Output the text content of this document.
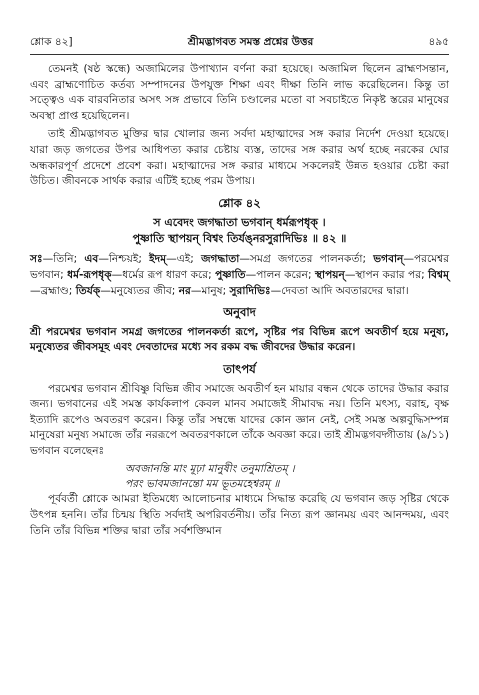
শ্লোক ৪২]	শ্রীমদ্ভাগবত সমস্ত প্রশ্নের উত্তর	৪৯৫

তেমনই (ষষ্ঠ স্কন্ধে) অজামিলের উপাখ্যান বর্ণনা করা হয়েছে। অজামিল ছিলেন ব্রাহ্মণসন্তান, এবং ব্রাহ্মণোচিত কর্তব্য সম্পাদনের উপযুক্ত শিক্ষা এবং দীক্ষা তিনি লাভ করেছিলেন। কিন্তু তা সত্ত্বেও এক বারবনিতার অসৎ সঙ্গ প্রভাবে তিনি চণ্ডালের মতো বা সবচাইতে নিকৃষ্ট স্তরের মানুষের অবস্থা প্রাপ্ত হয়েছিলেন।

তাই শ্রীমদ্ভাগবত মুক্তির দ্বার খোলার জন্য সর্বদা মহাত্মাদের সঙ্গ করার নির্দেশ দেওয়া হয়েছে। যারা জড় জগতের উপর আধিপত্য করার চেষ্টায় ব্যস্ত, তাদের সঙ্গ করার অর্থ হচ্ছে নরকের ঘোর অন্ধকারপূর্ণ প্রদেশে প্রবেশ করা। মহাত্মাদের সঙ্গ করার মাধ্যমে সকলেরই উন্নত হওয়ার চেষ্টা করা উচিত। জীবনকে সার্থক করার এটিই হচ্ছে পরম উপায়।

শ্লোক ৪২
স এবেদং জগদ্ধাতা ভগবান্ ধর্মরূপধৃক্ ।
পুষ্ণাতি স্থাপয়ন্ বিশ্বং তির্যঙ্‌নরসুরাদিভিঃ ॥ ৪২ ॥

সঃ—তিনি; এব—নিশ্চয়ই; ইদম্—এই; জগদ্ধাতা—সমগ্র জগতের পালনকর্তা; ভগবান্—পরমেশ্বর ভগবান; ধর্ম-রূপধৃক্—ধর্মের রূপ ধারণ করে; পুষ্ণাতি—পালন করেন; স্থাপয়ন্—স্থাপন করার পর; বিশ্বম্—ব্রহ্মাণ্ড; তির্যক্—মনুষ্যেতর জীব; নর—মানুষ; সুরাদিভিঃ—দেবতা আদি অবতারদের দ্বারা।

অনুবাদ

শ্রী পরমেশ্বর ভগবান সমগ্র জগতের পালনকর্তা রূপে, সৃষ্টির পর বিভিন্ন রূপে অবতীর্ণ হয়ে মনুষ্য, মনুষ্যেতর জীবসমূহ এবং দেবতাদের মধ্যে সব রকম বদ্ধ জীবদের উদ্ধার করেন।

তাৎপর্য

পরমেশ্বর ভগবান শ্রীবিষ্ণু বিভিন্ন জীব সমাজে অবতীর্ণ হন মায়ার বন্ধন থেকে তাদের উদ্ধার করার জন্য। ভগবানের এই সমস্ত কার্যকলাপ কেবল মানব সমাজেই সীমাবদ্ধ নয়। তিনি মৎস্য, বরাহ, বৃক্ষ ইত্যাদি রূপেও অবতরণ করেন। কিন্তু তাঁর সম্বন্ধে যাদের কোন জ্ঞান নেই, সেই সমস্ত অল্পবুদ্ধিসম্পন্ন মানুষেরা মনুষ্য সমাজে তাঁর নররূপে অবতরণকালে তাঁকে অবজ্ঞা করে। তাই শ্রীমদ্ভগবদ্গীতায় (৯/১১) ভগবান বলেছেনঃ

অবজানন্তি মাং মূঢ়া মানুষীং তনুমাশ্রিতম্ ।
পরং ভাবমজানন্তো মম ভূতমহেশ্বরম্ ॥

পূর্ববর্তী শ্লোকে আমরা ইতিমধ্যে আলোচনার মাধ্যমে সিদ্ধান্ত করেছি যে ভগবান জড় সৃষ্টির থেকে উৎপন্ন হননি। তাঁর চিন্ময় স্থিতি সর্বদাই অপরিবর্তনীয়। তাঁর নিত্য রূপ জ্ঞানময় এবং আনন্দময়, এবং তিনি তাঁর বিভিন্ন শক্তির দ্বারা তাঁর সর্বশক্তিমান
